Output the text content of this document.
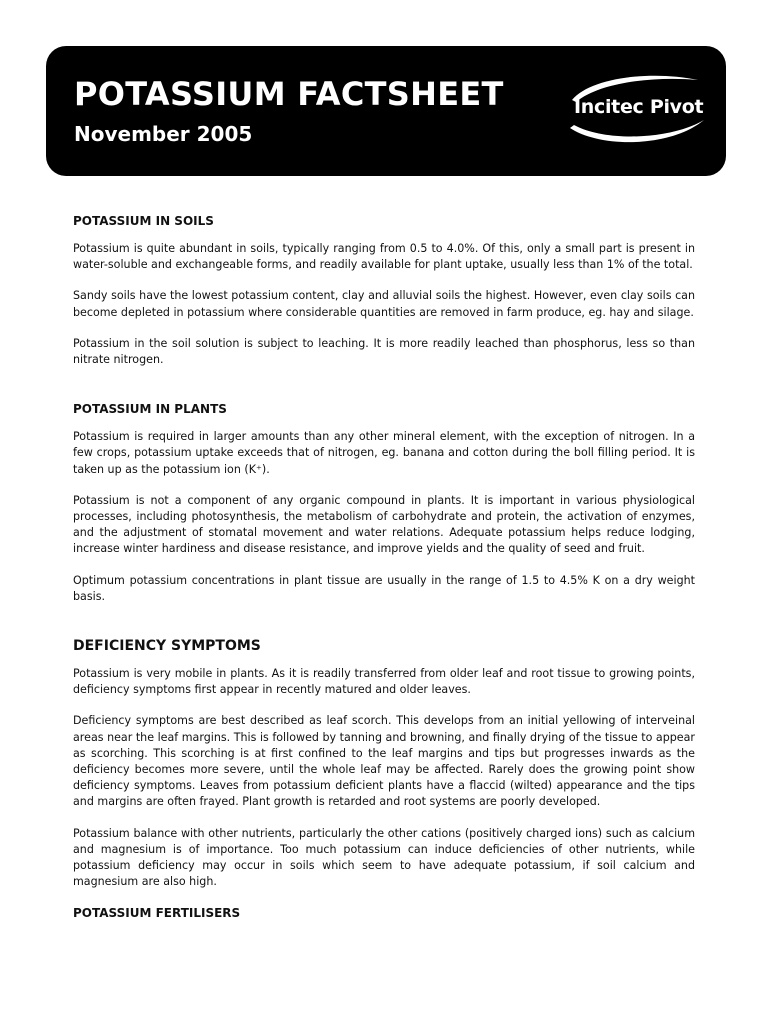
POTASSIUM FACTSHEET
November 2005
Incitec Pivot
POTASSIUM IN SOILS

Potassium is quite abundant in soils, typically ranging from 0.5 to 4.0%. Of this, only a small part is present in water-soluble and exchangeable forms, and readily available for plant uptake, usually less than 1% of the total.

Sandy soils have the lowest potassium content, clay and alluvial soils the highest. However, even clay soils can become depleted in potassium where considerable quantities are removed in farm produce, eg. hay and silage.

Potassium in the soil solution is subject to leaching. It is more readily leached than phosphorus, less so than nitrate nitrogen.

POTASSIUM IN PLANTS

Potassium is required in larger amounts than any other mineral element, with the exception of nitrogen. In a few crops, potassium uptake exceeds that of nitrogen, eg. banana and cotton during the boll filling period. It is taken up as the potassium ion (K⁺).

Potassium is not a component of any organic compound in plants. It is important in various physiological processes, including photosynthesis, the metabolism of carbohydrate and protein, the activation of enzymes, and the adjustment of stomatal movement and water relations. Adequate potassium helps reduce lodging, increase winter hardiness and disease resistance, and improve yields and the quality of seed and fruit.

Optimum potassium concentrations in plant tissue are usually in the range of 1.5 to 4.5% K on a dry weight basis.

DEFICIENCY SYMPTOMS

Potassium is very mobile in plants. As it is readily transferred from older leaf and root tissue to growing points, deficiency symptoms first appear in recently matured and older leaves.

Deficiency symptoms are best described as leaf scorch. This develops from an initial yellowing of interveinal areas near the leaf margins. This is followed by tanning and browning, and finally drying of the tissue to appear as scorching. This scorching is at first confined to the leaf margins and tips but progresses inwards as the deficiency becomes more severe, until the whole leaf may be affected. Rarely does the growing point show deficiency symptoms. Leaves from potassium deficient plants have a flaccid (wilted) appearance and the tips and margins are often frayed. Plant growth is retarded and root systems are poorly developed.

Potassium balance with other nutrients, particularly the other cations (positively charged ions) such as calcium and magnesium is of importance. Too much potassium can induce deficiencies of other nutrients, while potassium deficiency may occur in soils which seem to have adequate potassium, if soil calcium and magnesium are also high.

POTASSIUM FERTILISERS
